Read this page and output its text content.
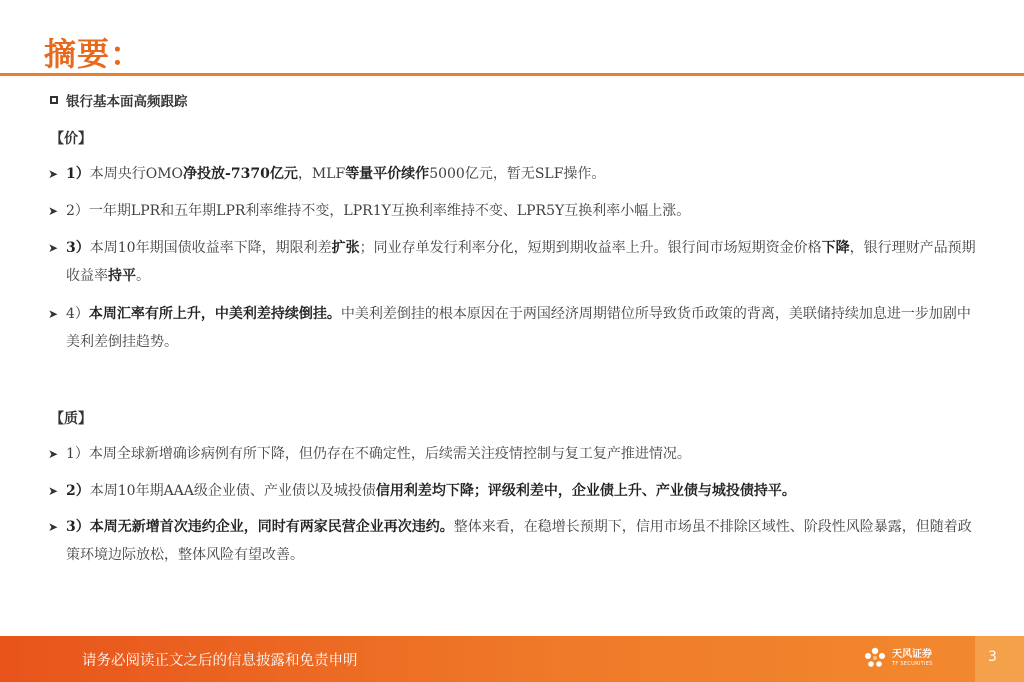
摘要：
银行基本面高频跟踪
【价】
➤ 1）本周央行OMO净投放-7370亿元，MLF等量平价续作5000亿元，暂无SLF操作。
➤ 2）一年期LPR和五年期LPR利率维持不变，LPR1Y互换利率维持不变、LPR5Y互换利率小幅上涨。
➤ 3）本周10年期国债收益率下降，期限利差扩张；同业存单发行利率分化，短期到期收益率上升。银行间市场短期资金价格下降，银行理财产品预期收益率持平。
➤ 4）本周汇率有所上升，中美利差持续倒挂。中美利差倒挂的根本原因在于两国经济周期错位所导致货币政策的背离，美联储持续加息进一步加剧中美利差倒挂趋势。
【质】
➤ 1）本周全球新增确诊病例有所下降，但仍存在不确定性，后续需关注疫情控制与复工复产推进情况。
➤ 2）本周10年期AAA级企业债、产业债以及城投债信用利差均下降；评级利差中，企业债上升、产业债与城投债持平。
➤ 3）本周无新增首次违约企业，同时有两家民营企业再次违约。整体来看，在稳增长预期下，信用市场虽不排除区域性、阶段性风险暴露，但随着政策环境边际放松，整体风险有望改善。
请务必阅读正文之后的信息披露和免责申明	天风证券
TF SECURITIES	3
